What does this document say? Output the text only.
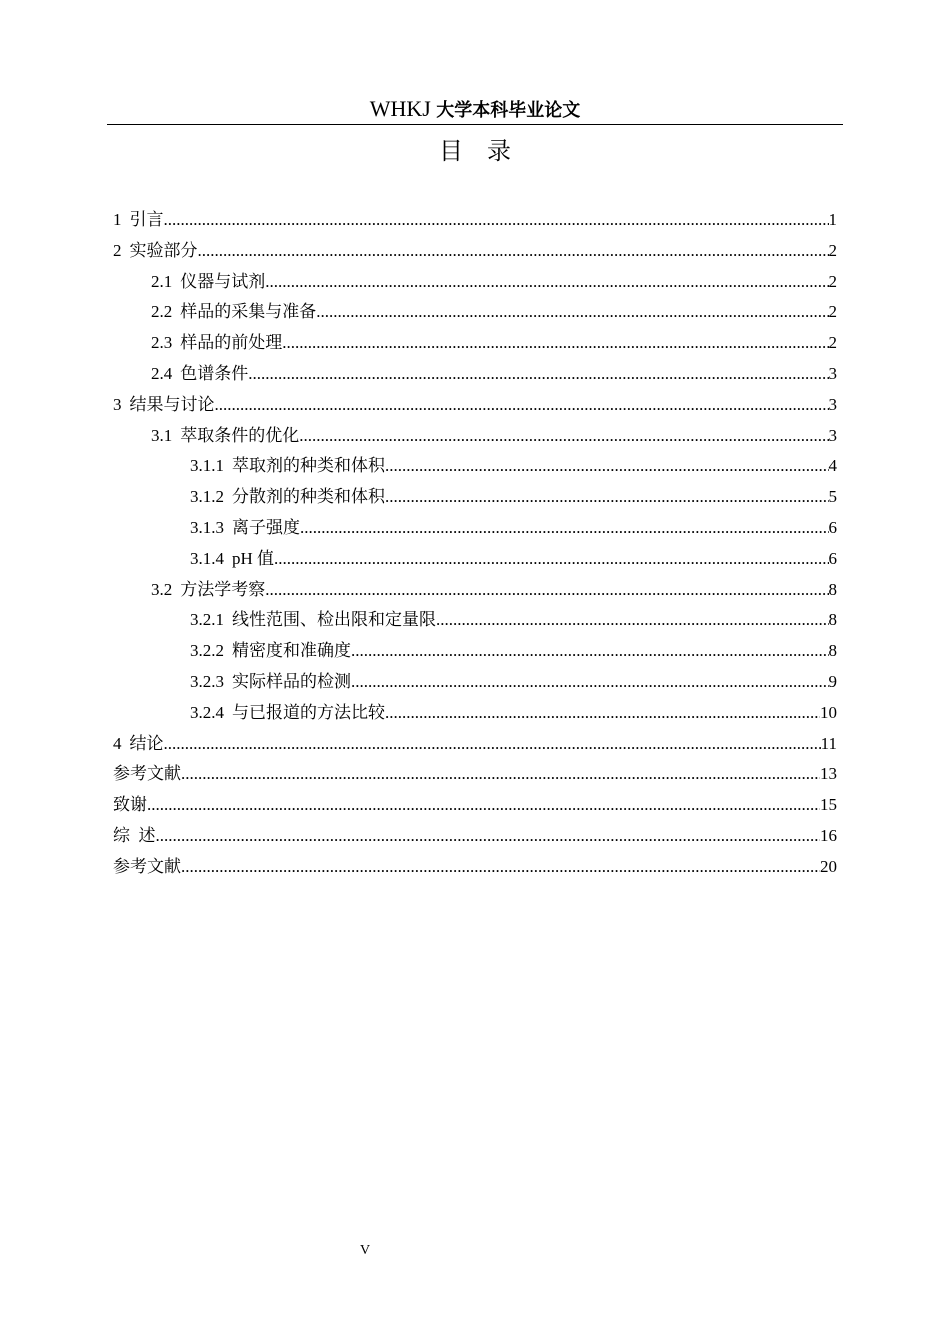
WHKJ 大学本科毕业论文
目录
1 引言 .....	1
2 实验部分 .....	2
2.1 仪器与试剂 .....	2
2.2 样品的采集与准备 .....	2
2.3 样品的前处理 .....	2
2.4 色谱条件 .....	3
3 结果与讨论 .....	3
3.1 萃取条件的优化 .....	3
3.1.1 萃取剂的种类和体积 .....	4
3.1.2 分散剂的种类和体积 .....	5
3.1.3 离子强度 .....	6
3.1.4 pH 值 .....	6
3.2 方法学考察 .....	8
3.2.1 线性范围、检出限和定量限 .....	8
3.2.2 精密度和准确度 .....	8
3.2.3 实际样品的检测 .....	9
3.2.4 与已报道的方法比较 .....	10
4 结论 .....	11
参考文献 .....	13
致谢 .....	15
综  述 .....	16
参考文献 .....	20
V
